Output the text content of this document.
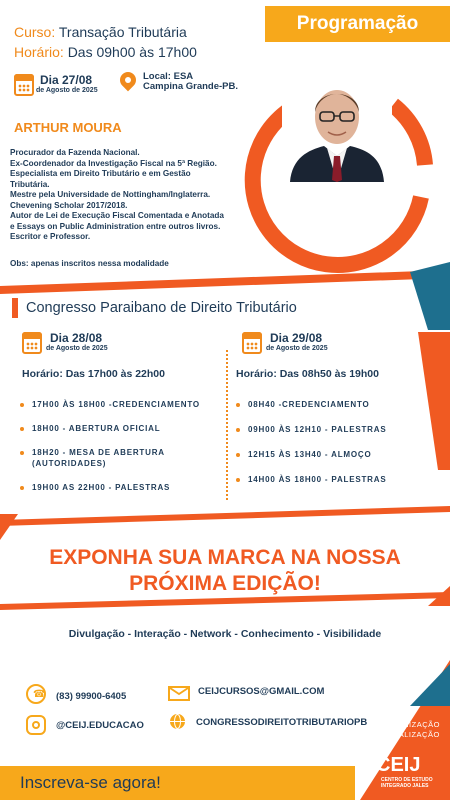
Curso: Transação Tributária
Horário: Das 09h00 às 17h00
Programação
Dia 27/08
de Agosto de 2025
Local: ESA
Campina Grande-PB.
ARTHUR MOURA
Procurador da Fazenda Nacional.
Ex-Coordenador da Investigação Fiscal na 5ª Região.
Especialista em Direito Tributário e em Gestão
Tributária.
Mestre pela Universidade de Nottingham/Inglaterra.
Chevening Scholar 2017/2018.
Autor de Lei de Execução Fiscal Comentada e Anotada
e Essays on Public Administration entre outros livros.
Escritor e Professor.
Obs: apenas inscritos nessa modalidade
Congresso Paraibano de Direito Tributário
Dia 28/08
de Agosto de 2025
Horário: Das 17h00 às 22h00
17H00 ÀS 18H00 -CREDENCIAMENTO
18H00 - ABERTURA OFICIAL
18H20 - MESA DE ABERTURA (AUTORIDADES)
19H00 AS 22H00 - PALESTRAS
Dia 29/08
de Agosto de 2025
Horário: Das 08h50 às 19h00
08H40 -CREDENCIAMENTO
09H00 ÀS 12H10 - PALESTRAS
12H15 ÀS 13H40 - ALMOÇO
14H00 ÀS 18H00 - PALESTRAS
EXPONHA SUA MARCA NA NOSSA
PRÓXIMA EDIÇÃO!
Divulgação - Interação - Network - Conhecimento - Visibilidade
☎ (83) 99900-6405	CEIJCURSOS@GMAIL.COM
@CEIJ.EDUCACAO	CONGRESSODIREITOTRIBUTARIOPB	ORGANIZAÇÃO
E REALIZAÇÃO
CEIJ
CENTRO DE ESTUDO
INTEGRADO JALES
Inscreva-se agora!
